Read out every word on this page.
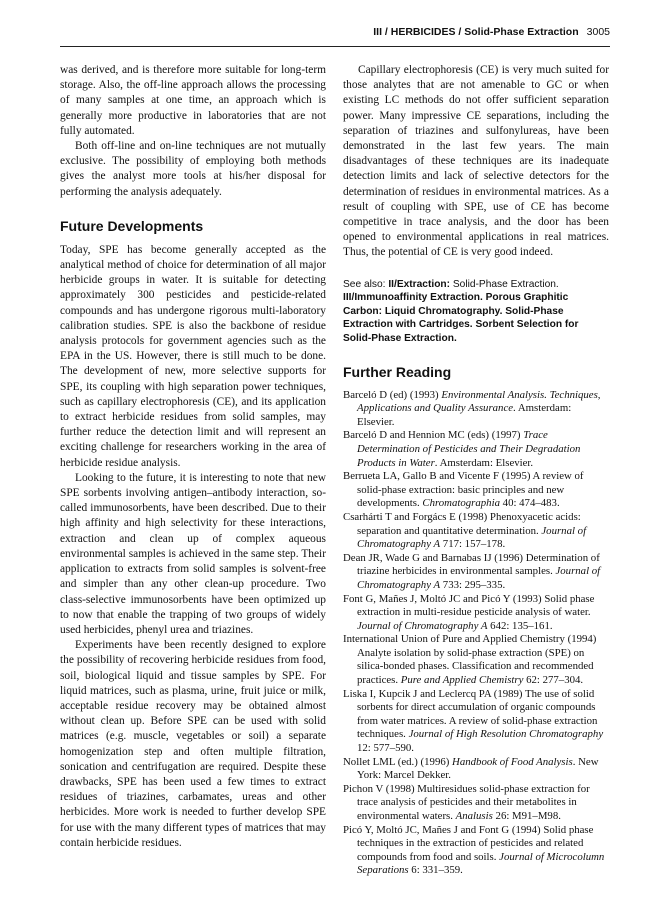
III / HERBICIDES / Solid-Phase Extraction 3005

was derived, and is therefore more suitable for long-term storage. Also, the off-line approach allows the processing of many samples at one time, an approach which is generally more productive in laboratories that are not fully automated.

Both off-line and on-line techniques are not mutually exclusive. The possibility of employing both methods gives the analyst more tools at his/her disposal for performing the analysis adequately.

Future Developments

Today, SPE has become generally accepted as the analytical method of choice for determination of all major herbicide groups in water. It is suitable for detecting approximately 300 pesticides and pesticide-related compounds and has undergone rigorous multi-laboratory calibration studies. SPE is also the backbone of residue analysis protocols for government agencies such as the EPA in the US. However, there is still much to be done. The development of new, more selective supports for SPE, its coupling with high separation power techniques, such as capillary electrophoresis (CE), and its application to extract herbicide residues from solid samples, may further reduce the detection limit and will represent an exciting challenge for researchers working in the area of herbicide residue analysis.

Looking to the future, it is interesting to note that new SPE sorbents involving antigen–antibody interaction, so-called immunosorbents, have been described. Due to their high affinity and high selectivity for these interactions, extraction and clean up of complex aqueous environmental samples is achieved in the same step. Their application to extracts from solid samples is solvent-free and simpler than any other clean-up procedure. Two class-selective immunosorbents have been optimized up to now that enable the trapping of two groups of widely used herbicides, phenyl urea and triazines.

Experiments have been recently designed to explore the possibility of recovering herbicide residues from food, soil, biological liquid and tissue samples by SPE. For liquid matrices, such as plasma, urine, fruit juice or milk, acceptable residue recovery may be obtained almost without clean up. Before SPE can be used with solid matrices (e.g. muscle, vegetables or soil) a separate homogenization step and often multiple filtration, sonication and centrifugation are required. Despite these drawbacks, SPE has been used a few times to extract residues of triazines, carbamates, ureas and other herbicides. More work is needed to further develop SPE for use with the many different types of matrices that may contain herbicide residues.

Capillary electrophoresis (CE) is very much suited for those analytes that are not amenable to GC or when existing LC methods do not offer sufficient separation power. Many impressive CE separations, including the separation of triazines and sulfonylureas, have been demonstrated in the last few years. The main disadvantages of these techniques are its inadequate detection limits and lack of selective detectors for the determination of residues in environmental matrices. As a result of coupling with SPE, use of CE has become competitive in trace analysis, and the door has been opened to environmental applications in real matrices. Thus, the potential of CE is very good indeed.

See also: II/Extraction: Solid-Phase Extraction. III/Immunoaffinity Extraction. Porous Graphitic Carbon: Liquid Chromatography. Solid-Phase Extraction with Cartridges. Sorbent Selection for Solid-Phase Extraction.
Further Reading

Barceló D (ed) (1993) Environmental Analysis. Techniques, Applications and Quality Assurance. Amsterdam: Elsevier.

Barceló D and Hennion MC (eds) (1997) Trace Determination of Pesticides and Their Degradation Products in Water. Amsterdam: Elsevier.

Berrueta LA, Gallo B and Vicente F (1995) A review of solid-phase extraction: basic principles and new developments. Chromatographia 40: 474–483.

Csarhárti T and Forgács E (1998) Phenoxyacetic acids: separation and quantitative determination. Journal of Chromatography A 717: 157–178.

Dean JR, Wade G and Barnabas IJ (1996) Determination of triazine herbicides in environmental samples. Journal of Chromatography A 733: 295–335.

Font G, Mañes J, Moltó JC and Picó Y (1993) Solid phase extraction in multi-residue pesticide analysis of water. Journal of Chromatography A 642: 135–161.

International Union of Pure and Applied Chemistry (1994) Analyte isolation by solid-phase extraction (SPE) on silica-bonded phases. Classification and recommended practices. Pure and Applied Chemistry 62: 277–304.

Liska I, Kupcik J and Leclercq PA (1989) The use of solid sorbents for direct accumulation of organic compounds from water matrices. A review of solid-phase extraction techniques. Journal of High Resolution Chromatography 12: 577–590.

Nollet LML (ed.) (1996) Handbook of Food Analysis. New York: Marcel Dekker.

Pichon V (1998) Multiresidues solid-phase extraction for trace analysis of pesticides and their metabolites in environmental waters. Analusis 26: M91–M98.

Picó Y, Moltó JC, Mañes J and Font G (1994) Solid phase techniques in the extraction of pesticides and related compounds from food and soils. Journal of Microcolumn Separations 6: 331–359.
